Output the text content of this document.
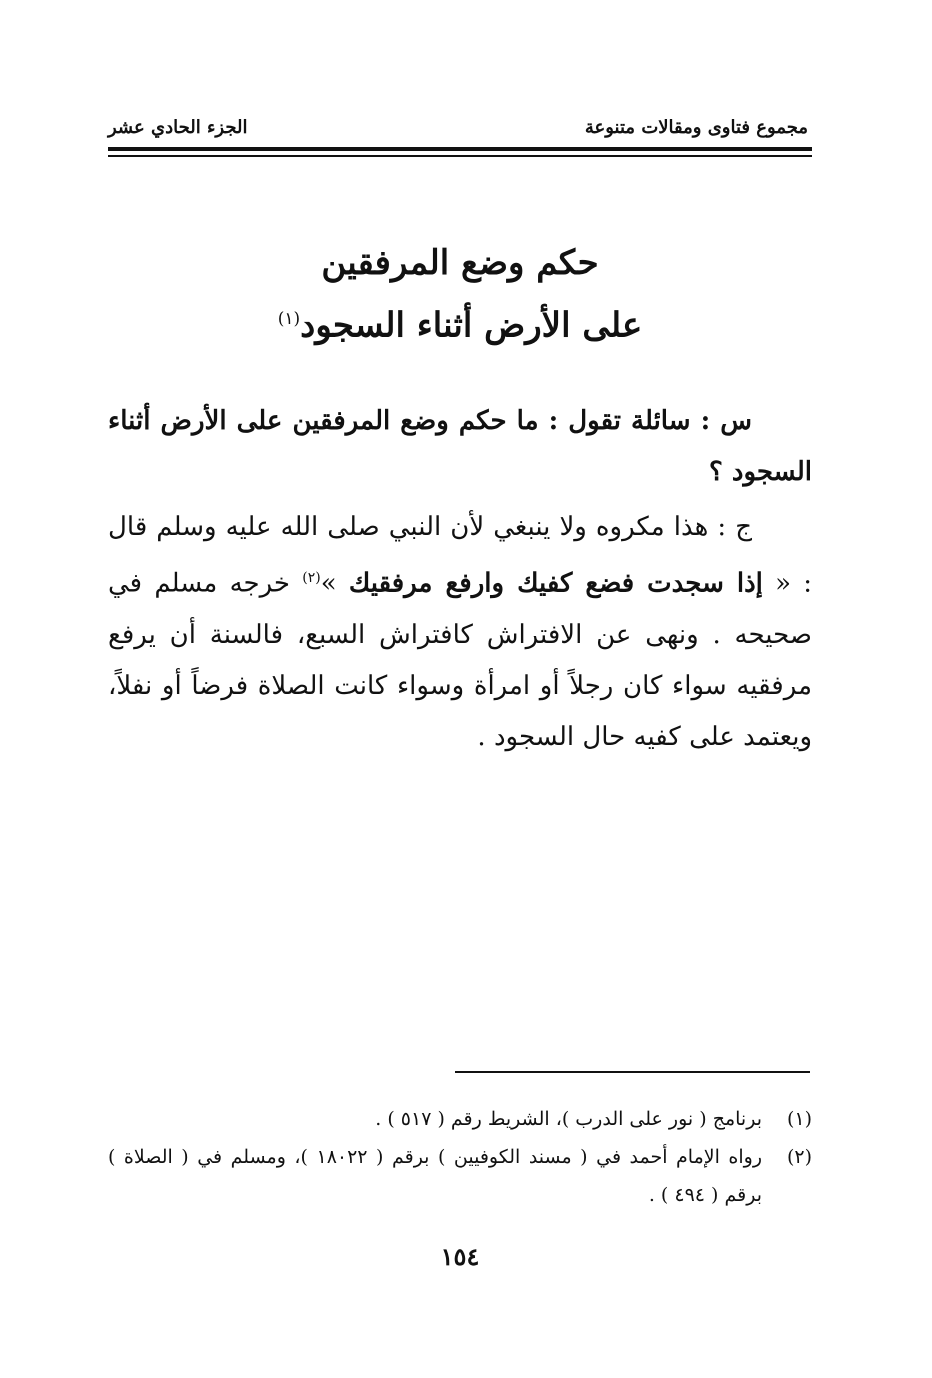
مجموع فتاوى ومقالات متنوعة
الجزء الحادي عشر
حكم وضع المرفقين
على الأرض أثناء السجود$^{(١)}$

س : سائلة تقول : ما حكم وضع المرفقين على الأرض أثناء السجود ؟

ج : هذا مكروه ولا ينبغي لأن النبي صلى الله عليه وسلم قال : « إذا سجدت فضع كفيك وارفع مرفقيك »$^{(٢)}$ خرجه مسلم في صحيحه . ونهى عن الافتراش كافتراش السبع، فالسنة أن يرفع مرفقيه سواء كان رجلاً أو امرأة وسواء كانت الصلاة فرضاً أو نفلاً، ويعتمد على كفيه حال السجود .

(١)
برنامج ( نور على الدرب )، الشريط رقم ( ٥١٧ ) .
(٢)
رواه الإمام أحمد في ( مسند الكوفيين ) برقم ( ١٨٠٢٢ )، ومسلم في ( الصلاة ) برقم ( ٤٩٤ ) .
١٥٤
